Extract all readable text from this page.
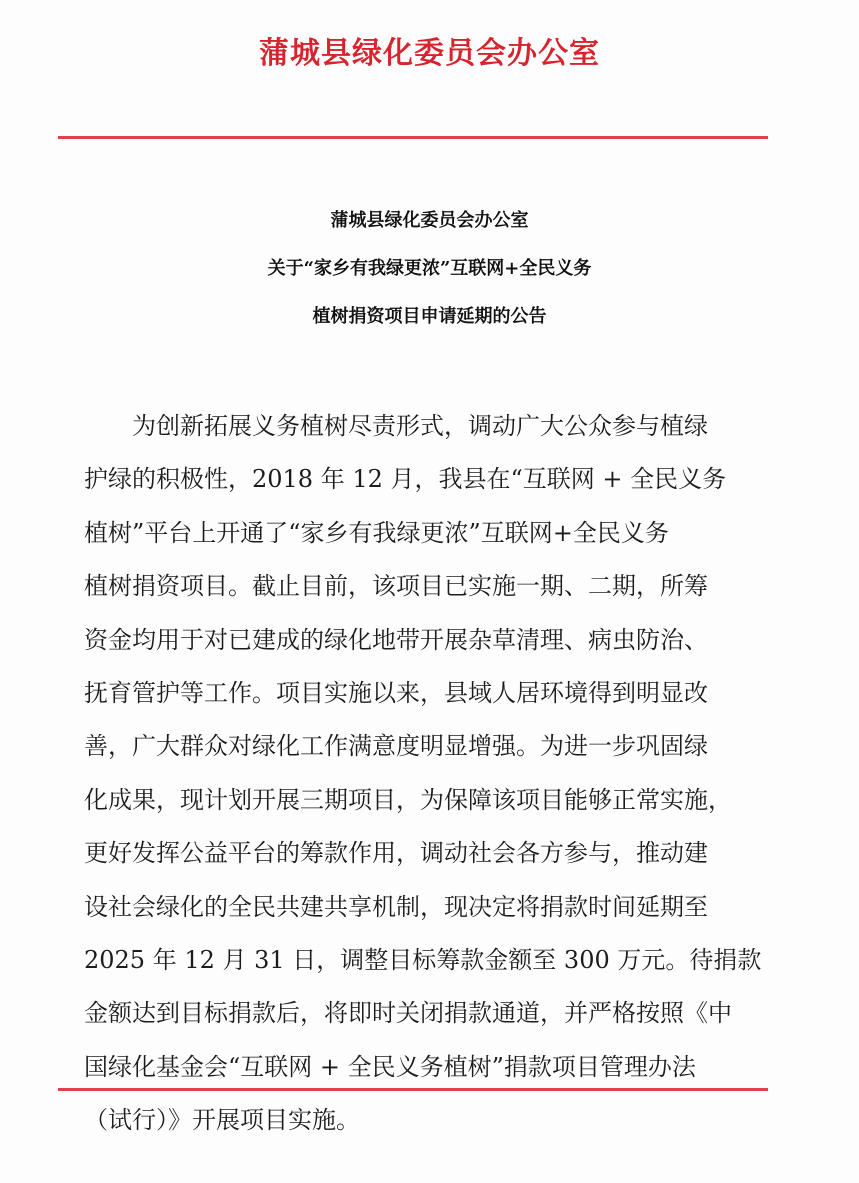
蒲城县绿化委员会办公室
蒲城县绿化委员会办公室
关于“家乡有我绿更浓”互联网+全民义务
植树捐资项目申请延期的公告
为创新拓展义务植树尽责形式，调动广大公众参与植绿
护绿的积极性，2018 年 12 月，我县在“互联网 + 全民义务
植树”平台上开通了“家乡有我绿更浓”互联网+全民义务
植树捐资项目。截止目前，该项目已实施一期、二期，所筹
资金均用于对已建成的绿化地带开展杂草清理、病虫防治、
抚育管护等工作。项目实施以来，县域人居环境得到明显改
善，广大群众对绿化工作满意度明显增强。为进一步巩固绿
化成果，现计划开展三期项目，为保障该项目能够正常实施，
更好发挥公益平台的筹款作用，调动社会各方参与，推动建
设社会绿化的全民共建共享机制，现决定将捐款时间延期至
2025 年 12 月 31 日，调整目标筹款金额至 300 万元。待捐款
金额达到目标捐款后，将即时关闭捐款通道，并严格按照《中
国绿化基金会“互联网 + 全民义务植树”捐款项目管理办法
（试行）》开展项目实施。
